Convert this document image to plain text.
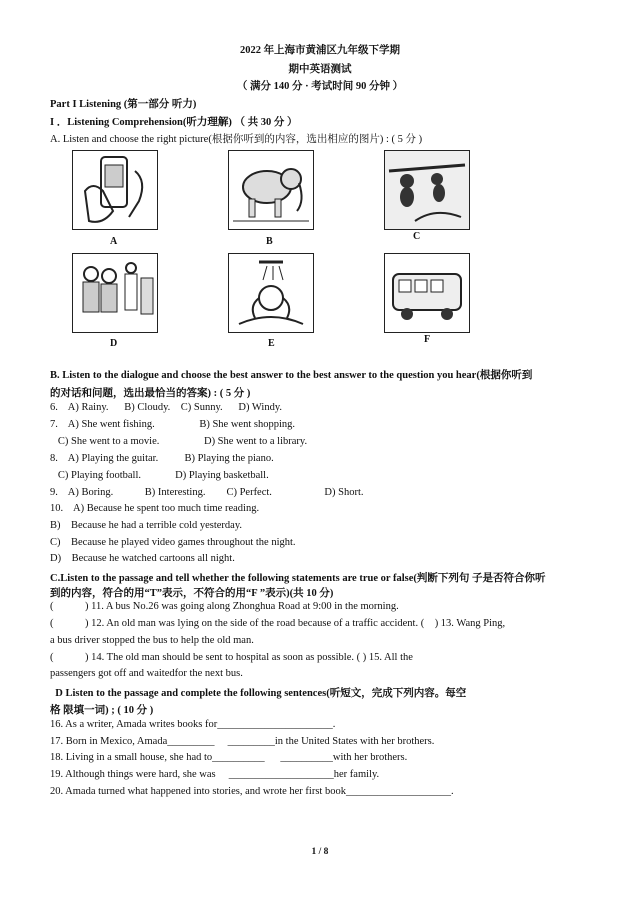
2022 年上海市黄浦区九年级下学期
期中英语测试
（ 满分 140 分 · 考试时间 90 分钟 ）
Part I Listening (第一部分 听力)
I ．Listening Comprehension(听力理解) （ 共 30 分 ）
A. Listen and choose the right picture(根据你听到的内容，选出相应的图片) : ( 5 分 )
A	B	C
D	E	F
B. Listen to the dialogue and choose the best answer to the best answer to the question you hear(根据你听到
的对话和问题，选出最恰当的答案) : ( 5 分 )
6.    A) Rainy.      B) Cloudy.    C) Sunny.      D) Windy.
7.    A) She went fishing.                 B) She went shopping.
C) She went to a movie.                 D) She went to a library.
8.    A) Playing the guitar.          B) Playing the piano.
C) Playing football.             D) Playing basketball.
9.    A) Boring.            B) Interesting.        C) Perfect.                    D) Short.
10.    A) Because he spent too much time reading.
B)    Because he had a terrible cold yesterday.
C)    Because he played video games throughout the night.
D)    Because he watched cartoons all night.
C.Listen to the passage and tell whether the following statements are true or false(判断下列句 子是否符合你听
到的内容，符合的用“T”表示，不符合的用“F ”表示)(共 10 分)
(            ) 11. A bus No.26 was going along Zhonghua Road at 9:00 in the morning.
(            ) 12. An old man was lying on the side of the road because of a traffic accident. (    ) 13. Wang Ping,
a bus driver stopped the bus to help the old man.
(            ) 14. The old man should be sent to hospital as soon as possible. ( ) 15. All the
passengers got off and waitedfor the next bus.
D Listen to the passage and complete the following sentences(听短文，完成下列内容。每空
格 限填一词) ; ( 10 分 )
16. As a writer, Amada writes books for______________________.
17. Born in Mexico, Amada_________     _________in the United States with her brothers.
18. Living in a small house, she had to__________      __________with her brothers.
19. Although things were hard, she was     ____________________her family.
20. Amada turned what happened into stories, and wrote her first book____________________.
1 / 8
